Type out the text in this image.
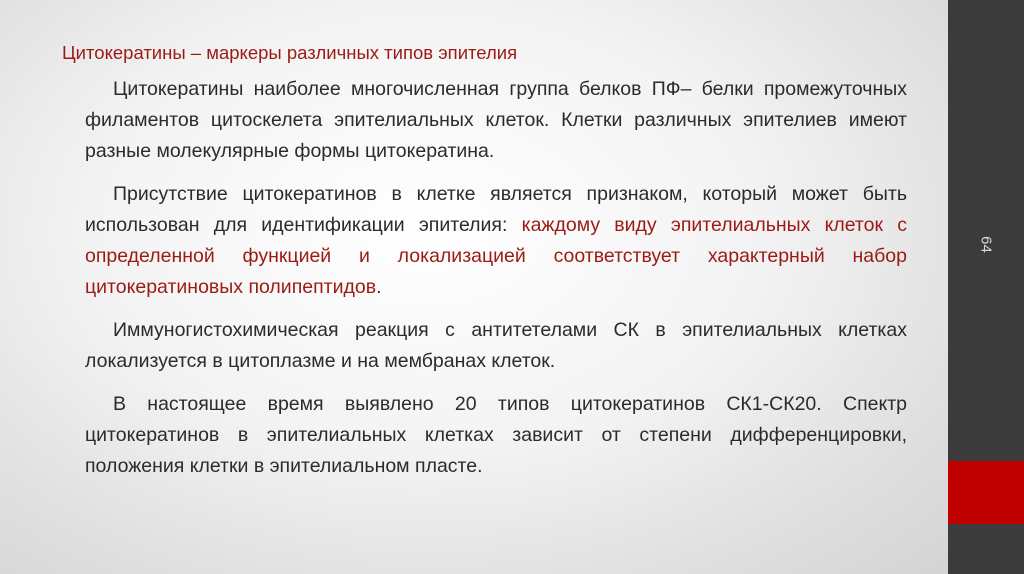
Цитокератины – маркеры различных типов эпителия

Цитокератины наиболее многочисленная группа белков ПФ– белки промежуточных филаментов цитоскелета эпителиальных клеток. Клетки различных эпителиев имеют разные молекулярные формы цитокератина.

Присутствие цитокератинов в клетке является признаком, который может быть использован для идентификации эпителия: каждому виду эпителиальных клеток с определенной функцией и локализацией соответствует характерный набор цитокератиновых полипептидов.

Иммуногистохимическая реакция с антитетелами СК в эпителиальных клетках локализуется в цитоплазме и на мембранах клеток.

В настоящее время выявлено 20 типов цитокератинов СК1-СК20. Спектр цитокератинов в эпителиальных клетках зависит от степени дифференцировки, положения клетки в эпителиальном пласте.

64
